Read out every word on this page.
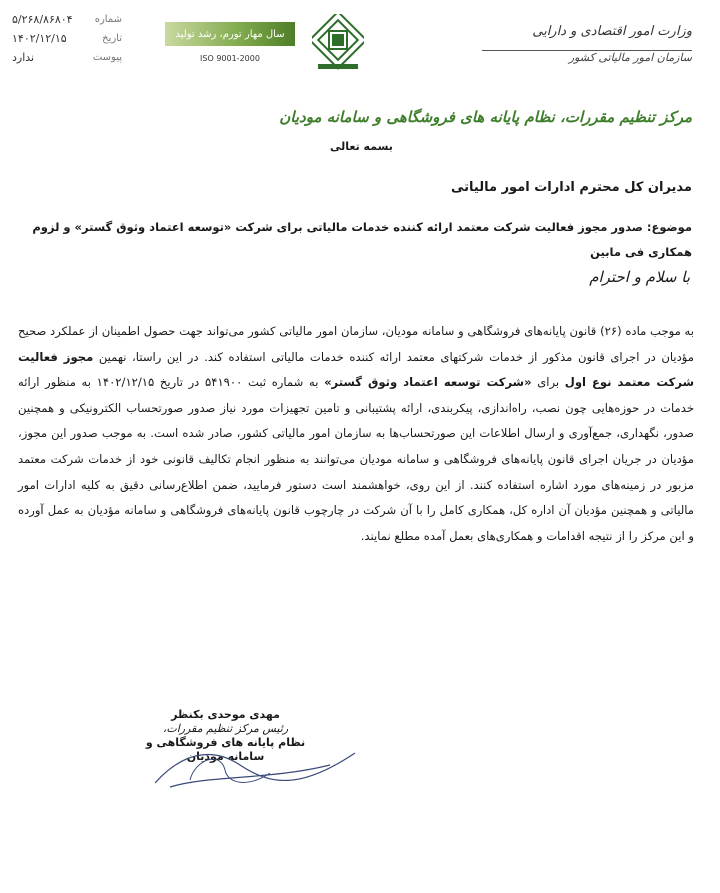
شماره
۵/۲۶۸/۸۶۸۰۴
تاریخ
۱۴۰۲/۱۲/۱۵
پیوست
ندارد
سال مهار تورم، رشد تولید
ISO 9001-2000
وزارت امور اقتصادی و دارایی
سازمان امور مالیاتی کشور
مرکز تنظیم مقررات، نظام پایانه های فروشگاهی و سامانه مودیان
بسمه تعالی
مدیران کل محترم ادارات امور مالیاتی
موضوع: صدور مجوز فعالیت شرکت معتمد ارائه کننده خدمات مالیاتی برای شرکت «توسعه اعتماد وثوق گستر» و لزوم همکاری فی مابین
با سلام و احترام
به موجب ماده (۲۶) قانون پایانه‌های فروشگاهی و سامانه مودیان، سازمان امور مالیاتی کشور می‌تواند جهت حصول اطمینان از عملکرد صحیح مؤدیان در اجرای قانون مذکور از خدمات شرکتهای معتمد ارائه کننده خدمات مالیاتی استفاده کند. در این راستا، نهمین مجوز فعالیت شرکت معتمد نوع اول برای «شرکت توسعه اعتماد وثوق گستر» به شماره ثبت ۵۴۱۹۰۰ در تاریخ ۱۴۰۲/۱۲/۱۵ به منظور ارائه خدمات در حوزه‌هایی چون نصب، راه‌اندازی، پیکربندی، ارائه پشتیبانی و تامین تجهیزات مورد نیاز صدور صورتحساب الکترونیکی و همچنین صدور، نگهداری، جمع‌آوری و ارسال اطلاعات این صورتحساب‌ها به سازمان امور مالیاتی کشور، صادر شده است. به موجب صدور این مجوز، مؤدیان در جریان اجرای قانون پایانه‌های فروشگاهی و سامانه مودیان می‌توانند به منظور انجام تکالیف قانونی خود از خدمات شرکت معتمد مزبور در زمینه‌های مورد اشاره استفاده کنند. از این روی، خواهشمند است دستور فرمایید، ضمن اطلاع‌رسانی دقیق به کلیه ادارات امور مالیاتی و همچنین مؤدیان آن اداره کل، همکاری کامل را با آن شرکت در چارچوب قانون پایانه‌های فروشگاهی و سامانه مؤدیان به عمل آورده و این مرکز را از نتیجه اقدامات و همکاری‌های بعمل آمده مطلع نمایند.
مهدی موحدی بکنظر
رئیس مرکز تنظیم مقررات،
نظام پایانه های فروشگاهی و سامانه مودیان
